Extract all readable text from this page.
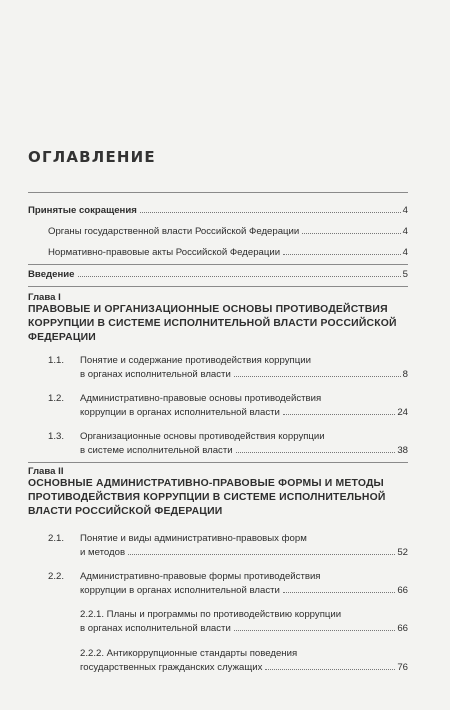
ОГЛАВЛЕНИЕ
Принятые сокращения	4
Органы государственной власти Российской Федерации	4
Нормативно-правовые акты Российской Федерации	4
Введение	5
Глава I
ПРАВОВЫЕ И ОРГАНИЗАЦИОННЫЕ ОСНОВЫ ПРОТИВОДЕЙСТВИЯ КОРРУПЦИИ В СИСТЕМЕ ИСПОЛНИТЕЛЬНОЙ ВЛАСТИ РОССИЙСКОЙ ФЕДЕРАЦИИ
1.1. Понятие и содержание противодействия коррупции
в органах исполнительной власти	8
1.2. Административно-правовые основы противодействия
коррупции в органах исполнительной власти	24
1.3. Организационные основы противодействия коррупции
в системе исполнительной власти	38
Глава II
ОСНОВНЫЕ АДМИНИСТРАТИВНО-ПРАВОВЫЕ ФОРМЫ И МЕТОДЫ ПРОТИВОДЕЙСТВИЯ КОРРУПЦИИ В СИСТЕМЕ ИСПОЛНИТЕЛЬНОЙ ВЛАСТИ РОССИЙСКОЙ ФЕДЕРАЦИИ
2.1. Понятие и виды административно-правовых форм
и методов	52
2.2. Административно-правовые формы противодействия
коррупции в органах исполнительной власти	66
2.2.1. Планы и программы по противодействию коррупции
в органах исполнительной власти	66
2.2.2. Антикоррупционные стандарты поведения
государственных гражданских служащих	76
